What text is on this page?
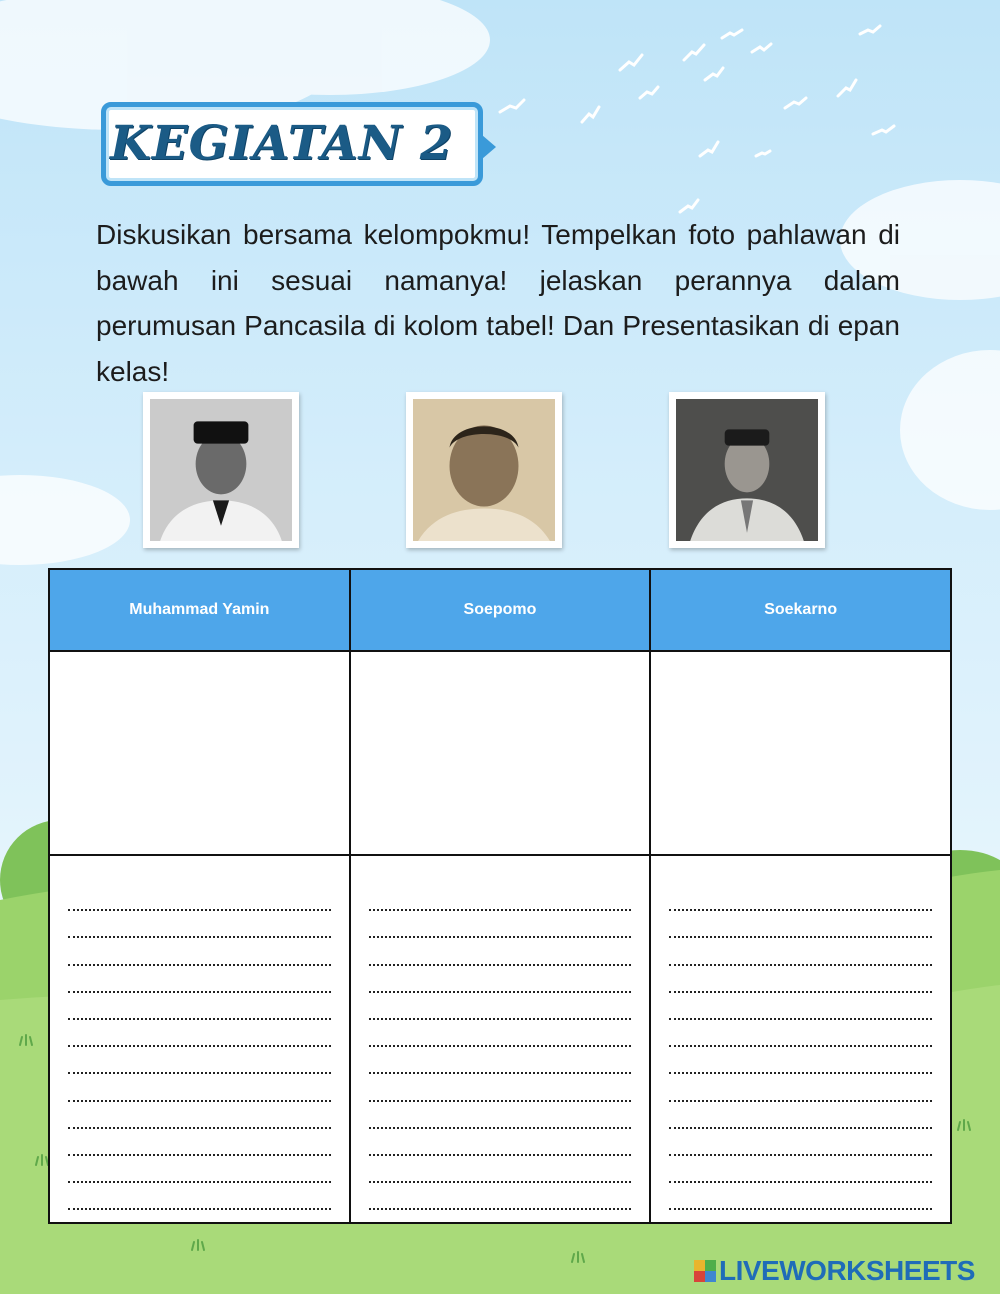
KEGIATAN 2

Diskusikan bersama kelompokmu! Tempelkan foto pahlawan di bawah ini sesuai namanya! jelaskan perannya dalam perumusan Pancasila di kolom tabel! Dan Presentasikan di epan kelas!

Muhammad Yamin	Soepomo	Soekarno

LIVEWORKSHEETS
